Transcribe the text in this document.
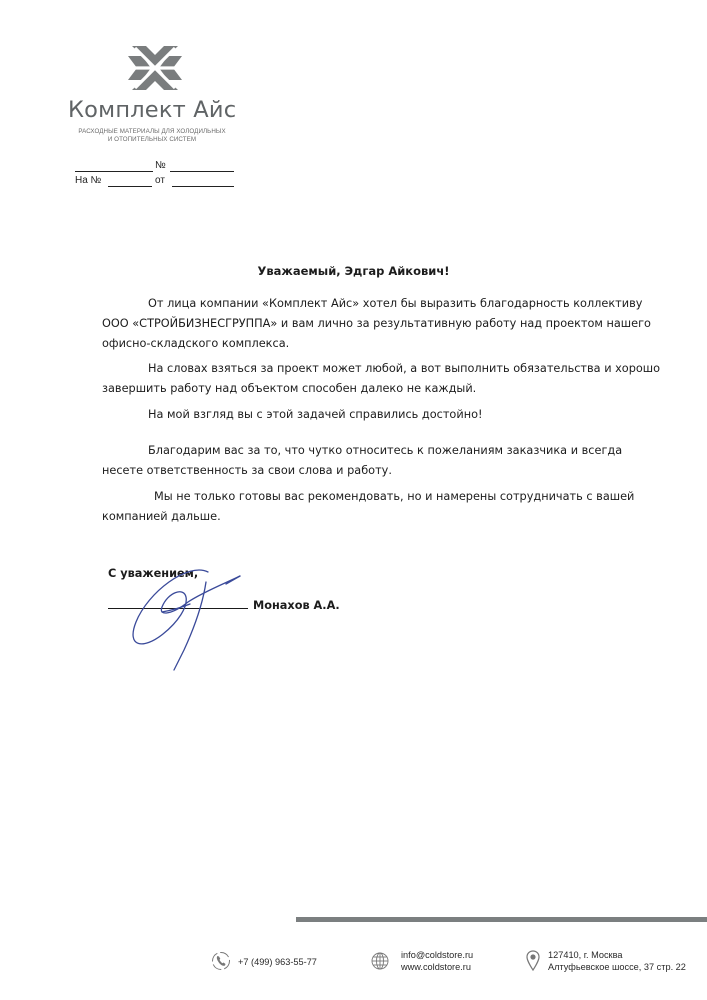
Комплект Айс
РАСХОДНЫЕ МАТЕРИАЛЫ ДЛЯ ХОЛОДИЛЬНЫХ
И ОТОПИТЕЛЬНЫХ СИСТЕМ
№
На №	от
Уважаемый, Эдгар Айкович!
От лица компании «Комплект Айс» хотел бы выразить благодарность коллективу ООО «СТРОЙБИЗНЕСГРУППА» и вам лично за результативную работу над проектом нашего офисно-складского комплекса.
На словах взяться за проект может любой, а вот выполнить обязательства и хорошо завершить работу над объектом способен далеко не каждый.
На мой взгляд вы с этой задачей справились достойно!
Благодарим вас за то, что чутко относитесь к пожеланиям заказчика и всегда несете ответственность за свои слова и работу.
Мы не только готовы вас рекомендовать, но и намерены сотрудничать с вашей компанией дальше.
С уважением,
Монахов А.А.
+7 (499) 963-55-77
info@coldstore.ru
www.coldstore.ru
127410, г. Москва
Алтуфьевское шоссе, 37 стр. 22
